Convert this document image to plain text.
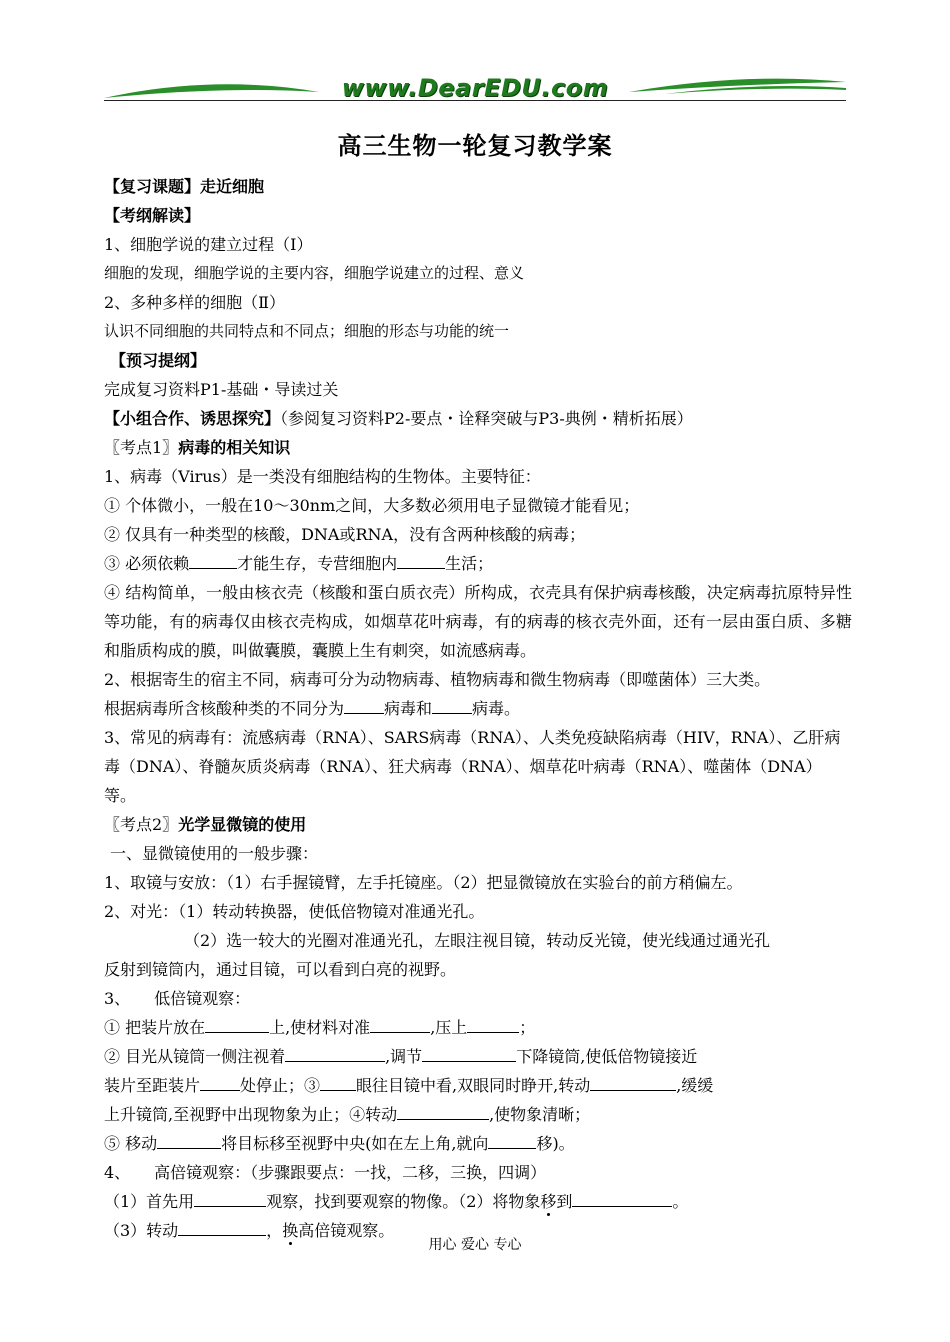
www.DearEDU.com
高三生物一轮复习教学案

【复习课题】走近细胞

【考纲解读】

1、细胞学说的建立过程（Ⅰ）

细胞的发现，细胞学说的主要内容，细胞学说建立的过程、意义

2、多种多样的细胞（Ⅱ）

认识不同细胞的共同特点和不同点；细胞的形态与功能的统一

【预习提纲】

完成复习资料P1-基础・导读过关

【小组合作、诱思探究】（参阅复习资料P2-要点・诠释突破与P3-典例・精析拓展）

〖考点1〗病毒的相关知识

1、病毒（Virus）是一类没有细胞结构的生物体。主要特征：

① 个体微小，一般在10～30nm之间，大多数必须用电子显微镜才能看见；

② 仅具有一种类型的核酸，DNA或RNA，没有含两种核酸的病毒；

③ 必须依赖	才能生存，专营细胞内	生活；

④ 结构简单，一般由核衣壳（核酸和蛋白质衣壳）所构成，衣壳具有保护病毒核酸，决定病毒抗原特异性等功能，有的病毒仅由核衣壳构成，如烟草花叶病毒，有的病毒的核衣壳外面，还有一层由蛋白质、多糖和脂质构成的膜，叫做囊膜，囊膜上生有刺突，如流感病毒。

2、根据寄生的宿主不同，病毒可分为动物病毒、植物病毒和微生物病毒（即噬菌体）三大类。

根据病毒所含核酸种类的不同分为	病毒和	病毒。

3、常见的病毒有：流感病毒（RNA）、SARS病毒（RNA）、人类免疫缺陷病毒（HIV，RNA）、乙肝病毒（DNA）、脊髓灰质炎病毒（RNA）、狂犬病毒（RNA）、烟草花叶病毒（RNA）、噬菌体（DNA）等。

〖考点2〗光学显微镜的使用

一、显微镜使用的一般步骤：

1、取镜与安放：（1）右手握镜臂，左手托镜座。（2）把显微镜放在实验台的前方稍偏左。

2、对光：（1）转动转换器，使低倍物镜对准通光孔。

（2）选一较大的光圈对准通光孔，左眼注视目镜，转动反光镜，使光线通过通光孔

反射到镜筒内，通过目镜，可以看到白亮的视野。

3、　　低倍镜观察：

① 把装片放在	上,使材料对准	,压上	；

② 目光从镜筒一侧注视着	,调节	下降镜筒,使低倍物镜接近

装片至距装片	处停止；③ 眼往目镜中看,双眼同时睁开,转动	,缓缓

上升镜筒,至视野中出现物象为止；④转动	,使物象清晰；

⑤ 移动	将目标移至视野中央(如在左上角,就向	移)。

4、　　高倍镜观察：（步骤跟要点：一找，二移，三换，四调）

（1）首先用	观察，找到要观察的物像。（2）将物象移到	。

（3）转动	，换高倍镜观察。

用心 爱心 专心
